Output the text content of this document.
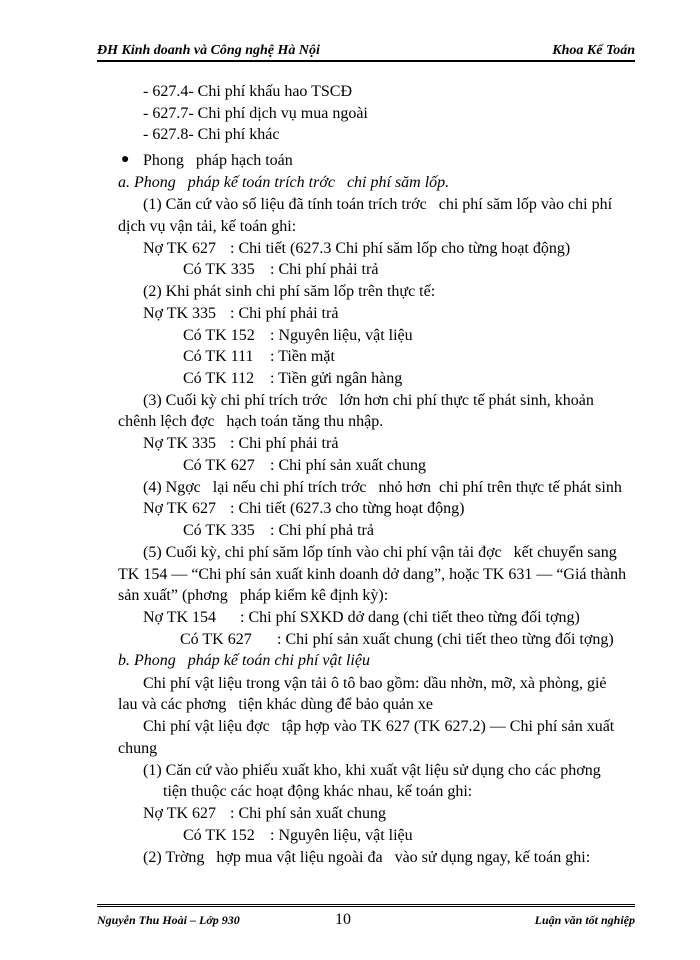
ĐH Kinh doanh và Công nghệ Hà Nội	Khoa Kế Toán
- 627.4- Chi phí khấu hao TSCĐ
- 627.7- Chi phí dịch vụ mua ngoài
- 627.8- Chi phí khác
● Phong   pháp hạch toán
a. Phong   pháp kế toán trích trớc   chi phí săm lốp.
(1) Căn cứ vào số liệu đã tính toán trích trớc   chi phí săm lốp vào chi phí
dịch vụ vận tải, kế toán ghi:
Nợ TK 627 : Chi tiết (627.3 Chi phí săm lốp cho từng hoạt động)
Có TK 335 : Chi phí phải trả
(2) Khi phát sinh chi phí săm lốp trên thực tế:
Nợ TK 335 : Chi phí phải trả
Có TK 152 : Nguyên liệu, vật liệu
Có TK 111 : Tiền mặt
Có TK 112 : Tiền gửi ngân hàng
(3) Cuối kỳ chi phí trích trớc   lớn hơn chi phí thực tế phát sinh, khoản
chênh lệch đợc   hạch toán tăng thu nhập.
Nợ TK 335 : Chi phí phải trả
Có TK 627 : Chi phí sản xuất chung
(4) Ngợc   lại nếu chi phí trích trớc   nhỏ hơn  chi phí trên thực tế phát sinh
Nợ TK 627 : Chi tiết (627.3 cho từng hoạt động)
Có TK 335 : Chi phí phả trả
(5) Cuối kỳ, chi phí săm lốp tính vào chi phí vận tải đợc   kết chuyển sang
TK 154 — “Chi phí sản xuất kinh doanh dở dang”, hoặc TK 631 — “Giá thành
sản xuất” (phơng   pháp kiểm kê định kỳ):
Nợ TK 154 : Chi phí SXKD dở dang (chi tiết theo từng đối tợng)
Có TK 627 : Chi phí sản xuất chung (chi tiết theo từng đối tợng)
b. Phong   pháp kế toán chi phí vật liệu
Chi phí vật liệu trong vận tải ô tô bao gồm: dầu nhờn, mỡ, xà phòng, giẻ
lau và các phơng   tiện khác dùng để bảo quản xe
Chi phí vật liệu đợc   tập hợp vào TK 627 (TK 627.2) — Chi phí sản xuất
chung
(1) Căn cứ vào phiếu xuất kho, khi xuất vật liệu sử dụng cho các phơng
tiện thuộc các hoạt động khác nhau, kế toán ghi:
Nợ TK 627 : Chi phí sản xuất chung
Có TK 152 : Nguyên liệu, vật liệu
(2) Trờng   hợp mua vật liệu ngoài đa   vào sử dụng ngay, kế toán ghi:
Nguyễn Thu Hoài – Lớp 930	10	Luận văn tốt nghiệp
